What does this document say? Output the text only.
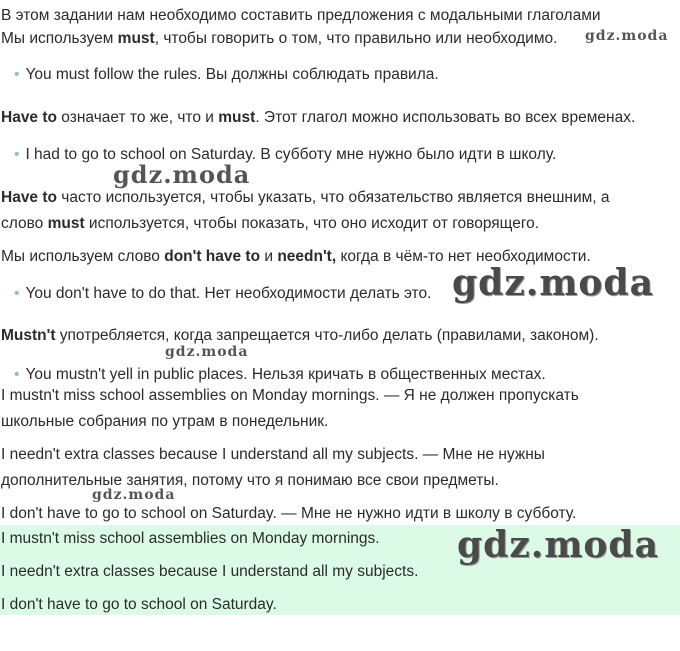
В этом задании нам необходимо составить предложения с модальными глаголами
Мы используем must, чтобы говорить о том, что правильно или необходимо.
• You must follow the rules. Вы должны соблюдать правила.
Have to означает то же, что и must. Этот глагол можно использовать во всех временах.
• I had to go to school on Saturday. В субботу мне нужно было идти в школу.
Have to часто используется, чтобы указать, что обязательство является внешним, а
слово must используется, чтобы показать, что оно исходит от говорящего.
Мы используем слово don't have to и needn't, когда в чём-то нет необходимости.
• You don't have to do that. Нет необходимости делать это.
Mustn't употребляется, когда запрещается что-либо делать (правилами, законом).
• You mustn't yell in public places. Нельзя кричать в общественных местах.
I mustn't miss school assemblies on Monday mornings. — Я не должен пропускать
школьные собрания по утрам в понедельник.
I needn't extra classes because I understand all my subjects. — Мне не нужны
дополнительные занятия, потому что я понимаю все свои предметы.
I don't have to go to school on Saturday. — Мне не нужно идти в школу в субботу.
I mustn't miss school assemblies on Monday mornings.
I needn't extra classes because I understand all my subjects.
I don't have to go to school on Saturday.
gdz.moda
gdz.moda
gdz.moda
gdz.moda
gdz.moda
gdz.moda
